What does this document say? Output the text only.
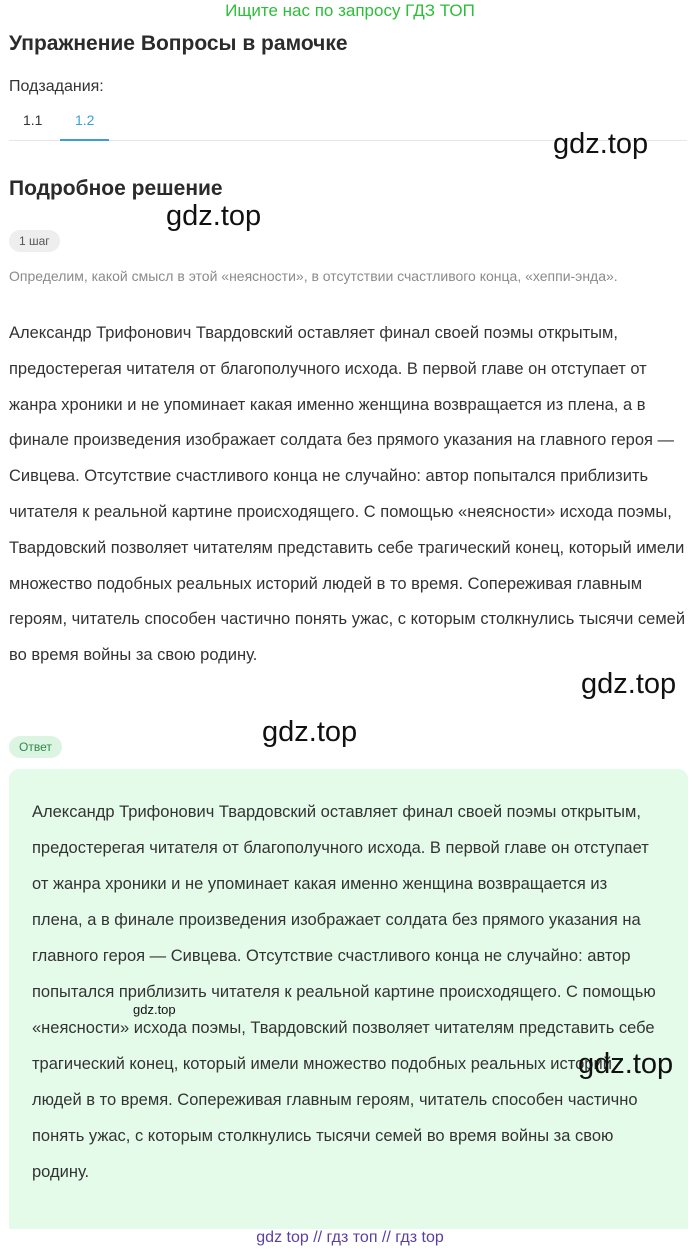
Ищите нас по запросу ГДЗ ТОП
Упражнение Вопросы в рамочке
Подзадания:
1.1 1.2
gdz.top
Подробное решение
gdz.top
1 шаг
Определим, какой смысл в этой «неясности», в отсутствии счастливого конца, «хеппи-энда».
Александр Трифонович Твардовский оставляет финал своей поэмы открытым, предостерегая читателя от благополучного исхода. В первой главе он отступает от жанра хроники и не упоминает какая именно женщина возвращается из плена, а в финале произведения изображает солдата без прямого указания на главного героя — Сивцева. Отсутствие счастливого конца не случайно: автор попытался приблизить читателя к реальной картине происходящего. С помощью «неясности» исхода поэмы, Твардовский позволяет читателям представить себе трагический конец, который имели множество подобных реальных историй людей в то время. Сопереживая главным героям, читатель способен частично понять ужас, с которым столкнулись тысячи семей во время войны за свою родину.
gdz.top
Ответ	gdz.top
Александр Трифонович Твардовский оставляет финал своей поэмы открытым, предостерегая читателя от благополучного исхода. В первой главе он отступает от жанра хроники и не упоминает какая именно женщина возвращается из плена, а в финале произведения изображает солдата без прямого указания на главного героя — Сивцева. Отсутствие счастливого конца не случайно: автор попытался приблизить читателя к реальной картине происходящего. С помощью «неясности» исхода поэмы, Твардовский позволяет читателям представить себе трагический конец, который имели множество подобных реальных историй людей в то время. Сопереживая главным героям, читатель способен частично понять ужас, с которым столкнулись тысячи семей во время войны за свою родину.
gdz.top
gdz.top
gdz top // гдз топ // гдз top
